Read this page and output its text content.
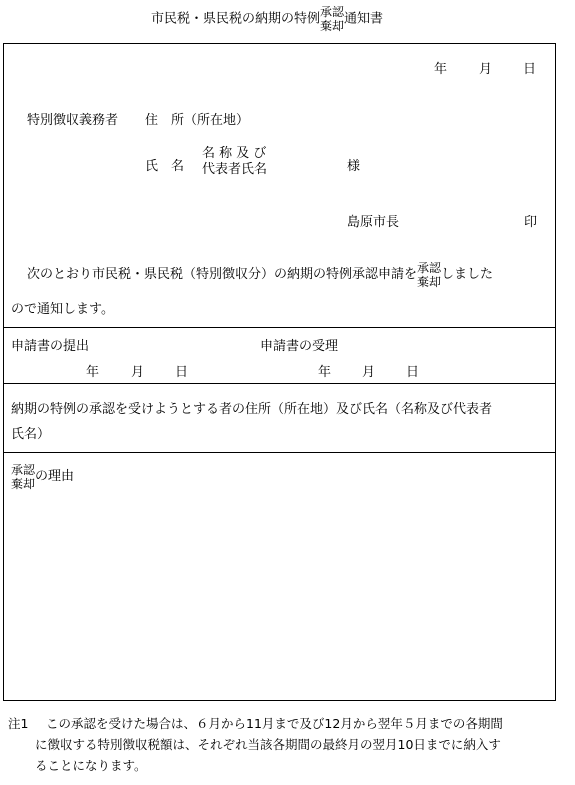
市民税・県民税の納期の特例 承認
棄却 通知書
年 月 日
特別徴収義務者 住　所（所在地）
氏　名
名 称 及 び
代表者氏名	様
島原市長	印
次のとおり市民税・県民税（特別徴収分）の納期の特例承認申請を 承認
棄却 しました
ので通知します。
申請書の提出	申請書の受理
年 月 日	年 月 日
納期の特例の承認を受けようとする者の住所（所在地）及び氏名（名称及び代表者
氏名）
承認
棄却 の理由
注1 この承認を受けた場合は、６月から11月まで及び12月から翌年５月までの各期間
に徴収する特別徴収税額は、それぞれ当該各期間の最終月の翌月10日までに納入す
ることになります。
